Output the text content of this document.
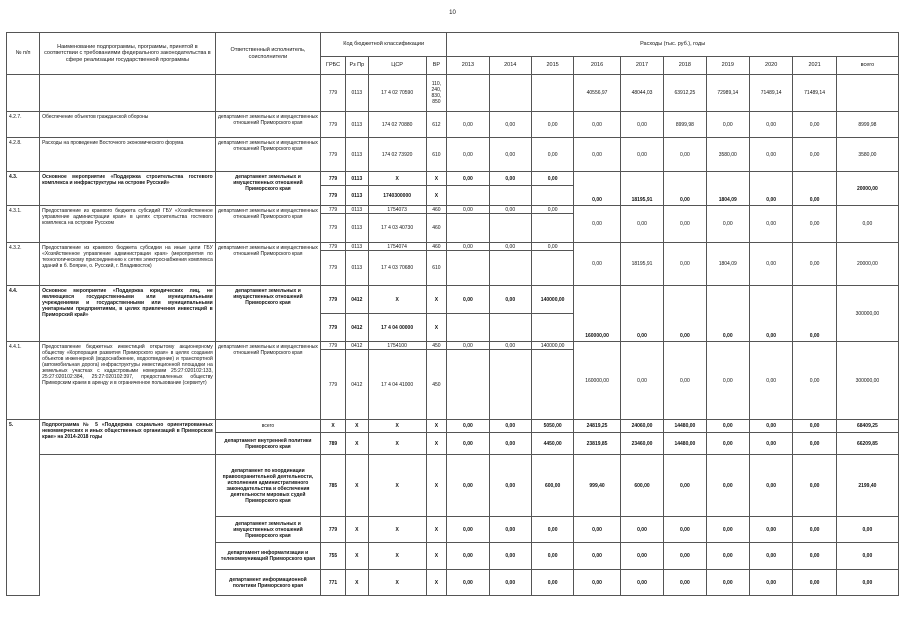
10
№ п/п	Наименование подпрограммы, программы, принятой в соответствии с требованиями федерального законодательства в сфере реализации государственной программы	Ответственный исполнитель, соисполнители	Код бюджетной классификации				Расходы (тыс. руб.), годы									
			ГРБС	Рз Пр	ЦСР	ВР	2013	2014	2015	2016	2017	2018	2019	2020	2021	всего
			779	0113	17 4 02 70590	110, 240, 830, 850				40556,97	48044,03	63912,25	72989,14	71489,14	71489,14	
4.2.7.	Обеспечение объектов гражданской обороны	департамент земельных и имущественных отношений Приморского края	779	0113	174 02 70880	612	0,00	0,00	0,00	0,00	0,00	8999,98	0,00	0,00	0,00	8999,98
4.2.8.	Расходы на проведение Восточного экономического форума	департамент земельных и имущественных отношений Приморского края	779	0113	174 02 73920	610	0,00	0,00	0,00	0,00	0,00	0,00	3580,00	0,00	0,00	3580,00
4.3.	Основное мероприятие «Поддержка строительства гостевого комплекса и инфраструктуры на острове Русский»	департамент земельных и имущественных отношений Приморского края	779	0113	X	X	0,00	0,00	0,00	0,00	18195,91	0,00	1804,09	0,00	0,00	20000,00
			779	0113	1740300000	X										
4.3.1.	Предоставление из краевого бюджета субсидий ГБУ «Хозяйственное управление администрации края» в целях строительства гостевого комплекса на острове Русском	департамент земельных и имущественных отношений Приморского края	779	0113	1754073	460	0,00	0,00	0,00	0,00	0,00	0,00	0,00	0,00	0,00	0,00
			779	0113	17 4 03 40730	460										
4.3.2.	Предоставление из краевого бюджета субсидии на иные цели ГБУ «Хозяйственное управление администрации края» (мероприятия по технологическому присоединению к сетям электроснабжения комплекса зданий в б. Боярин, о. Русский, г. Владивосток)	департамент земельных и имущественных отношений Приморского края	779	0113	1754074	460	0,00	0,00	0,00	0,00	18195,91	0,00	1804,09	0,00	0,00	20000,00
			779	0113	17 4 03 70680	610										
4.4.	Основное мероприятие «Поддержка юридических лиц, не являющихся государственными или муниципальными учреждениями и государственными или муниципальными унитарными предприятиями, в целях привлечения инвестиций в Приморский край»	департамент земельных и имущественных отношений Приморского края	779	0412	X	X	0,00	0,00	140000,00	160000,00	0,00	0,00	0,00	0,00	0,00	300000,00
			779	0412	17 4 04 00000	X										
4.4.1.	Предоставление бюджетных инвестиций открытому акционерному обществу «Корпорация развития Приморского края» в целях создания объектов инженерной (водоснабжение, водоотведение) и транспортной (автомобильная дорога) инфраструктуры инвестиционной площадки на земельных участках с кадастровыми номерами 25:27:020102:133, 25:27:020102:384, 25:27:020102:397, предоставленных обществу Приморским краем в аренду и в ограниченное пользование (сервитут)	департамент земельных и имущественных отношений Приморского края	779	0412	1754100	450	0,00	0,00	140000,00	160000,00	0,00	0,00	0,00	0,00	0,00	300000,00
			779	0412	17 4 04 41000	450										
5.	Подпрограмма № 5 «Поддержка социально ориентированных некоммерческих и иных общественных организаций в Приморском крае» на 2014-2018 годы	всего	X	X	X	X	0,00	0,00	5050,00	24819,25	24060,00	14480,00	0,00	0,00	0,00	68409,25
		департамент внутренней политики Приморского края	789	X	X	X	0,00	0,00	4450,00	23819,85	23460,00	14480,00	0,00	0,00	0,00	66209,85
		департамент по координации правоохранительной деятельности, исполнения административного законодательства и обеспечения деятельности мировых судей Приморского края	785	X	X	X	0,00	0,00	600,00	999,40	600,00	0,00	0,00	0,00	0,00	2199,40
		департамент земельных и имущественных отношений Приморского края	779	X	X	X	0,00	0,00	0,00	0,00	0,00	0,00	0,00	0,00	0,00	0,00
		департамент информатизации и телекоммуникаций Приморского края	755	X	X	X	0,00	0,00	0,00	0,00	0,00	0,00	0,00	0,00	0,00	0,00
		департамент информационной политики Приморского края	771	X	X	X	0,00	0,00	0,00	0,00	0,00	0,00	0,00	0,00	0,00	0,00
